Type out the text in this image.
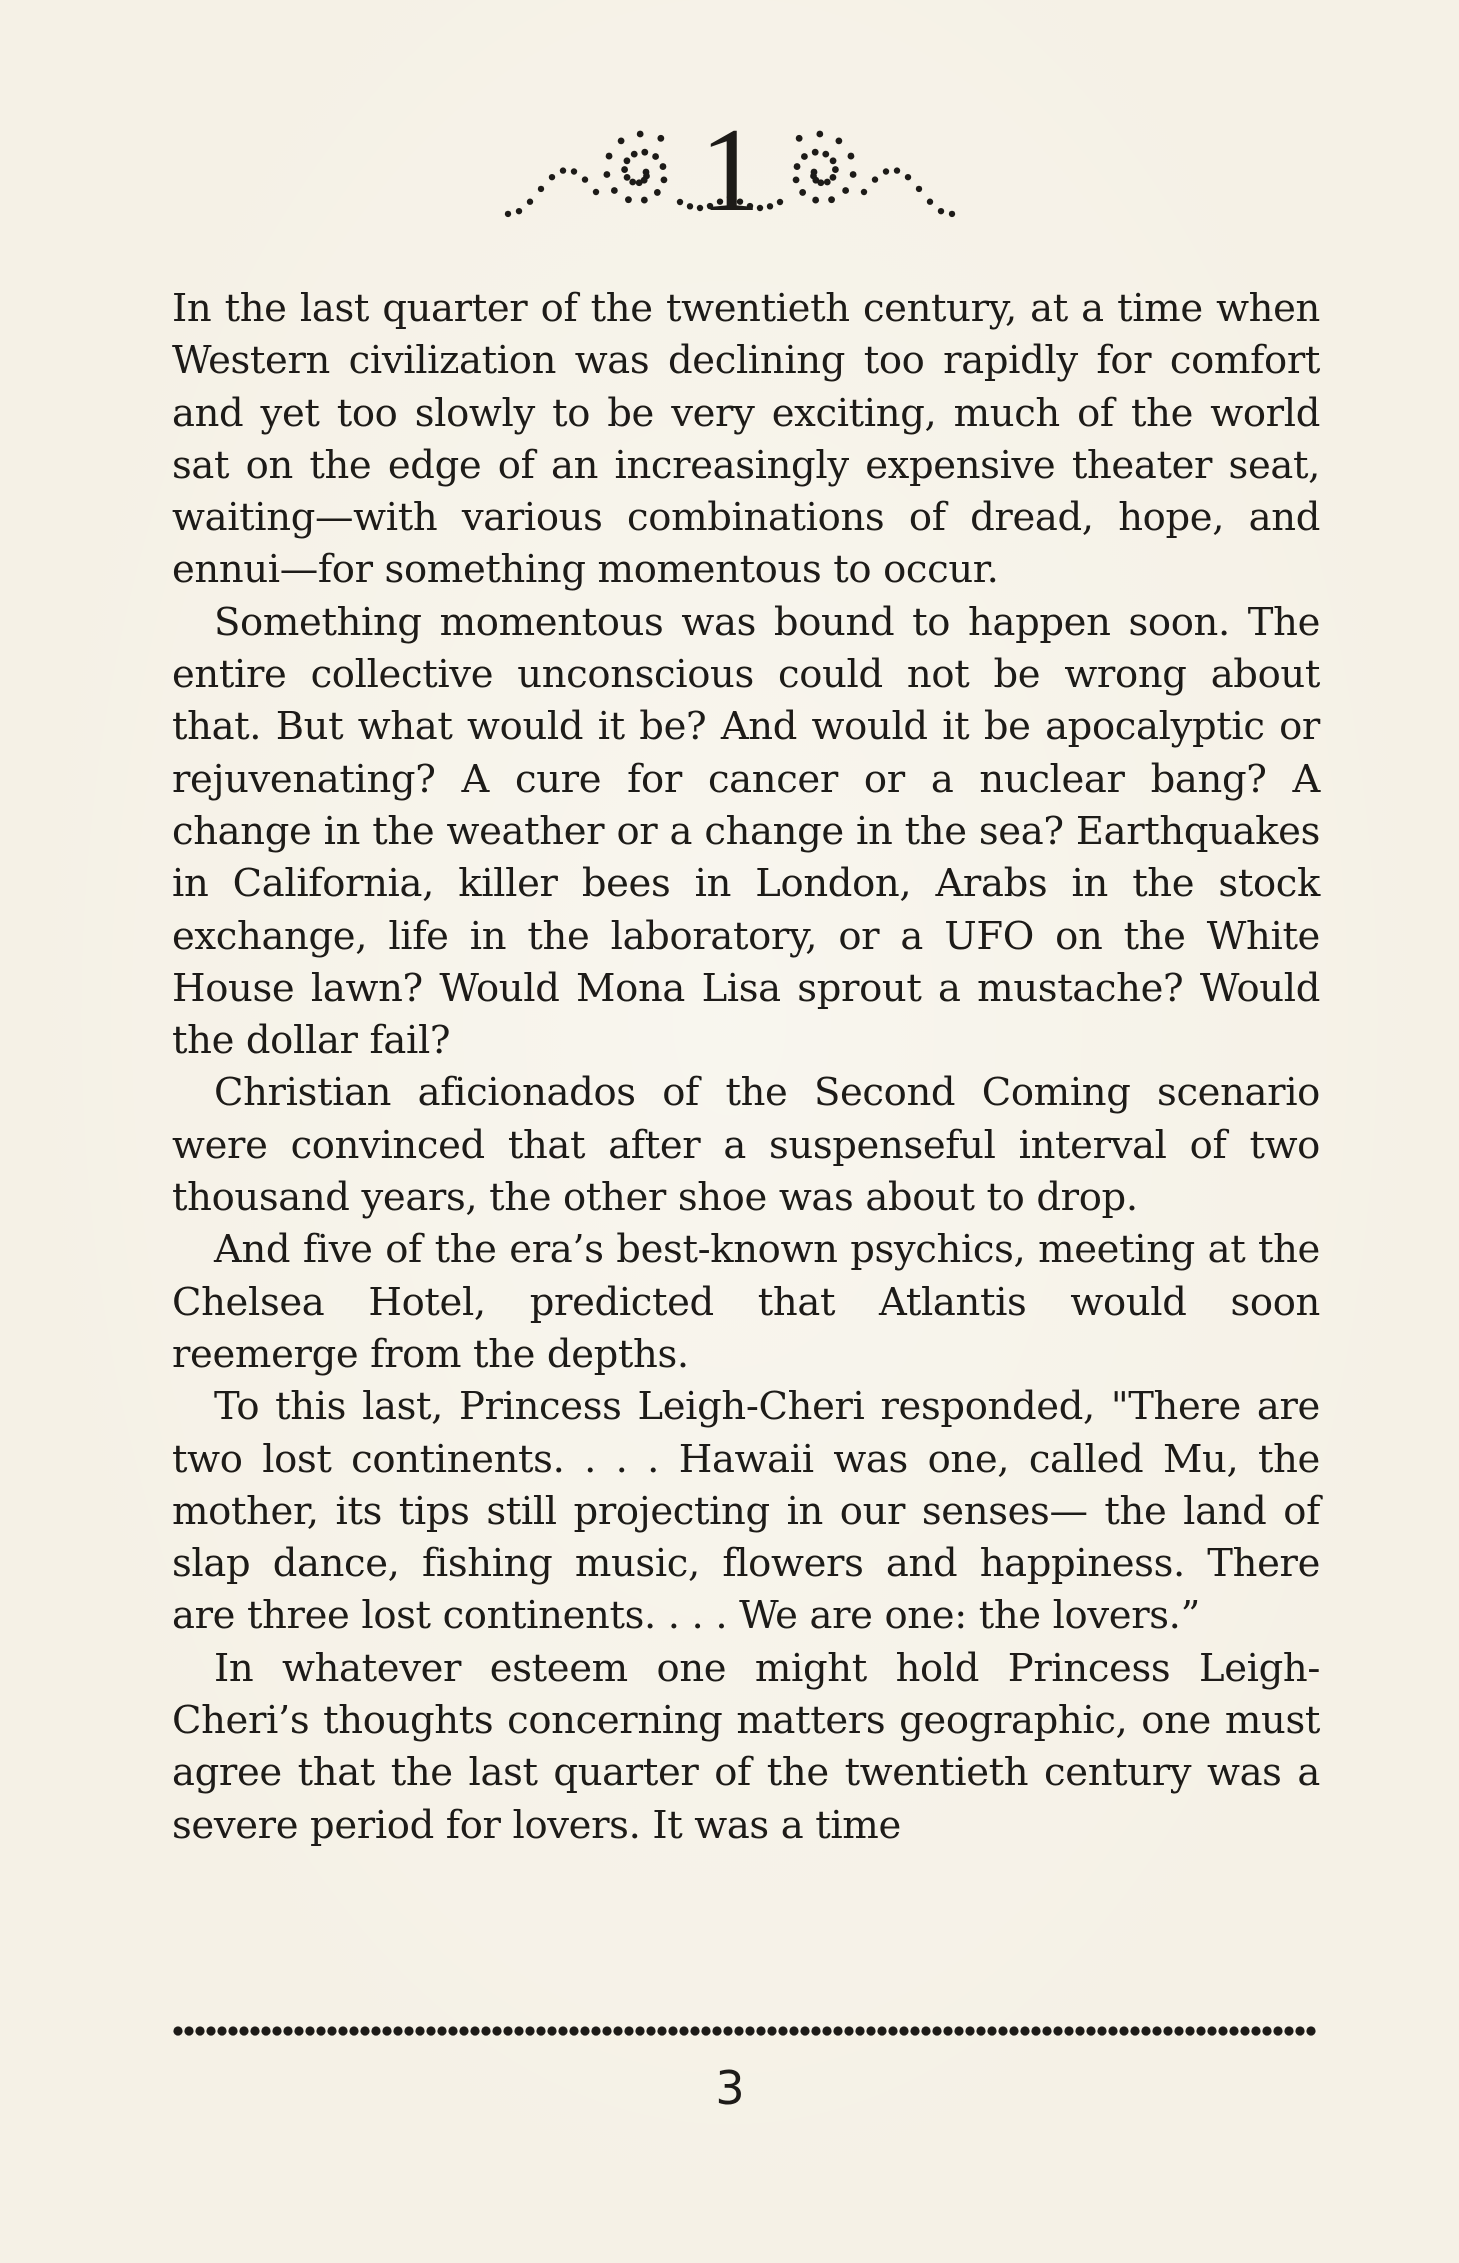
1

In the last quarter of the twentieth century, at a time when Western civilization was declining too rapidly for comfort and yet too slowly to be very exciting, much of the world sat on the edge of an increasingly expensive theater seat, waiting—with various combinations of dread, hope, and ennui—for something momentous to occur.

Something momentous was bound to happen soon. The entire collective unconscious could not be wrong about that. But what would it be? And would it be apocalyptic or rejuvenating? A cure for cancer or a nuclear bang? A change in the weather or a change in the sea? Earthquakes in California, killer bees in London, Arabs in the stock exchange, life in the laboratory, or a UFO on the White House lawn? Would Mona Lisa sprout a mustache? Would the dollar fail?

Christian aficionados of the Second Coming scenario were convinced that after a suspenseful interval of two thousand years, the other shoe was about to drop.

And five of the era’s best-known psychics, meeting at the Chelsea Hotel, predicted that Atlantis would soon reemerge from the depths.

To this last, Princess Leigh-Cheri responded, "There are two lost continents. . . . Hawaii was one, called Mu, the mother, its tips still projecting in our senses— the land of slap dance, fishing music, flowers and happiness. There are three lost continents. . . . We are one: the lovers.”

In whatever esteem one might hold Princess Leigh-Cheri’s thoughts concerning matters geographic, one must agree that the last quarter of the twentieth century was a severe period for lovers. It was a time

3
